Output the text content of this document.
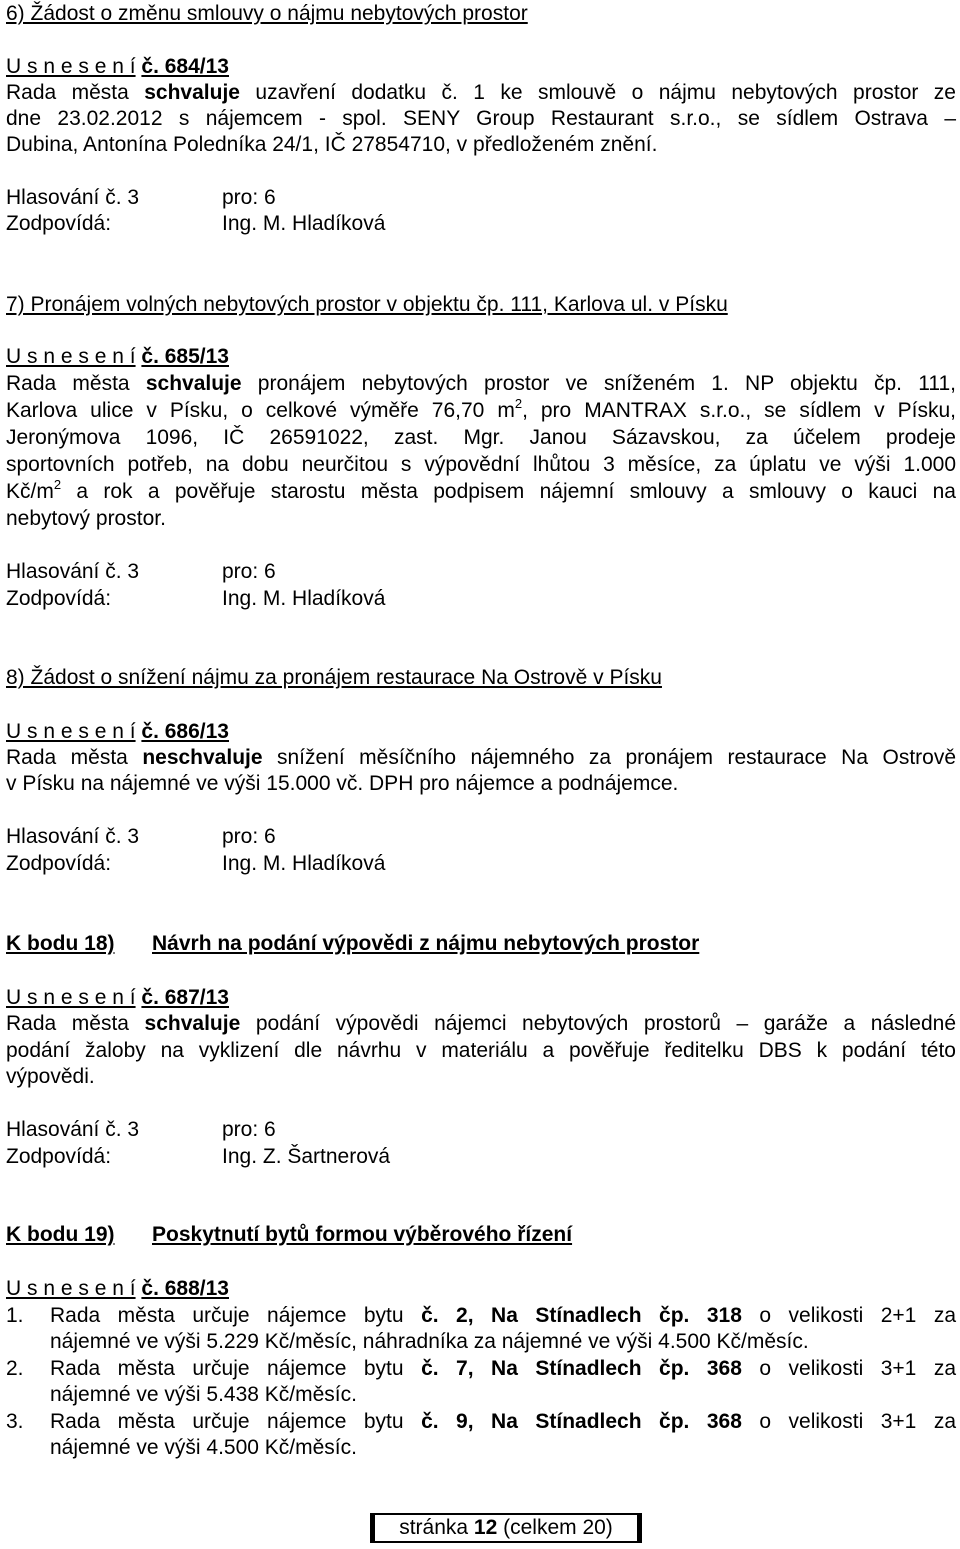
6) Žádost o změnu smlouvy o nájmu nebytových prostor
U s n e s e n í č. 684/13
Rada města schvaluje uzavření dodatku č. 1 ke smlouvě o nájmu nebytových prostor ze
dne 23.02.2012 s nájemcem - spol. SENY Group Restaurant s.r.o., se sídlem Ostrava –
Dubina, Antonína Poledníka 24/1, IČ 27854710, v předloženém znění.
Hlasování č. 3	pro: 6
Zodpovídá:	Ing. M. Hladíková
7) Pronájem volných nebytových prostor v objektu čp. 111, Karlova ul. v Písku
U s n e s e n í č. 685/13
Rada města schvaluje pronájem nebytových prostor ve sníženém 1. NP objektu čp. 111,
Karlova ulice v Písku, o celkové výměře 76,70 $m^2$, pro MANTRAX s.r.o., se sídlem v Písku,
Jeronýmova 1096, IČ 26591022, zast. Mgr. Janou Sázavskou, za účelem prodeje
sportovních potřeb, na dobu neurčitou s výpovědní lhůtou 3 měsíce, za úplatu ve výši 1.000
$Kč/m^2$ a rok a pověřuje starostu města podpisem nájemní smlouvy a smlouvy o kauci na
nebytový prostor.
Hlasování č. 3	pro: 6
Zodpovídá:	Ing. M. Hladíková
8) Žádost o snížení nájmu za pronájem restaurace Na Ostrově v Písku
U s n e s e n í č. 686/13
Rada města neschvaluje snížení měsíčního nájemného za pronájem restaurace Na Ostrově
v Písku na nájemné ve výši 15.000 vč. DPH pro nájemce a podnájemce.
Hlasování č. 3	pro: 6
Zodpovídá:	Ing. M. Hladíková
K bodu 18) Návrh na podání výpovědi z nájmu nebytových prostor
U s n e s e n í č. 687/13
Rada města schvaluje podání výpovědi nájemci nebytových prostorů – garáže a následné
podání žaloby na vyklizení dle návrhu v materiálu a pověřuje ředitelku DBS k podání této
výpovědi.
Hlasování č. 3	pro: 6
Zodpovídá:	Ing. Z. Šartnerová
K bodu 19) Poskytnutí bytů formou výběrového řízení
U s n e s e n í č. 688/13
1.	Rada města určuje nájemce bytu č. 2, Na Stínadlech čp. 318 o velikosti 2+1 za
nájemné ve výši 5.229 Kč/měsíc, náhradníka za nájemné ve výši 4.500 Kč/měsíc.
2.	Rada města určuje nájemce bytu č. 7, Na Stínadlech čp. 368 o velikosti 3+1 za
nájemné ve výši 5.438 Kč/měsíc.
3.	Rada města určuje nájemce bytu č. 9, Na Stínadlech čp. 368 o velikosti 3+1 za
nájemné ve výši 4.500 Kč/měsíc.
stránka 12 (celkem 20)
